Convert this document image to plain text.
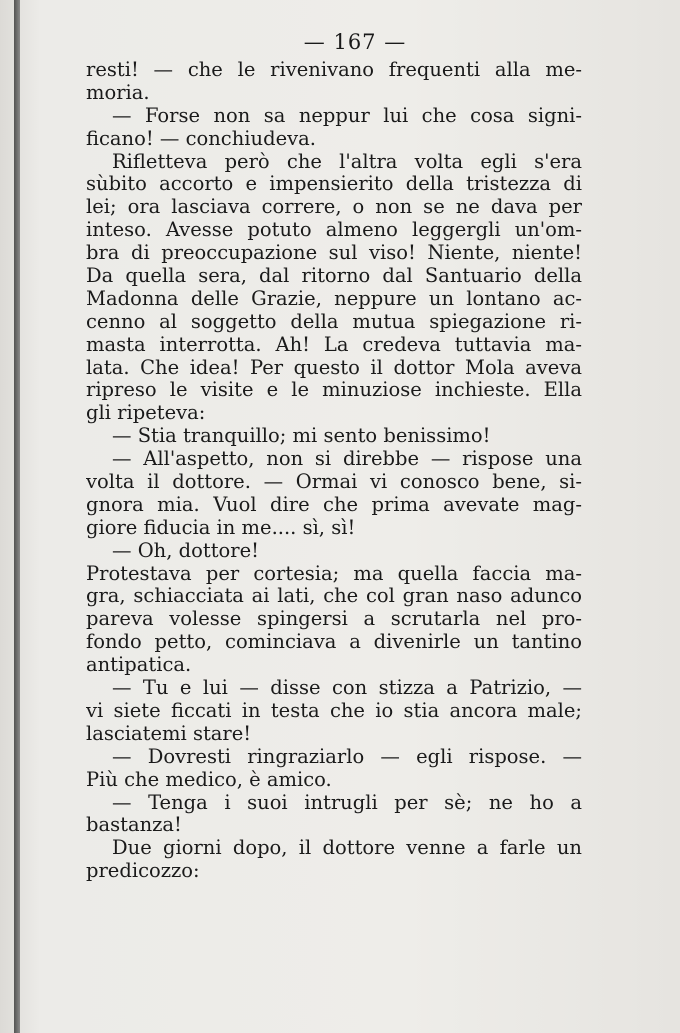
— 167 —
resti! — che le rivenivano frequenti alla me-
moria.
— Forse non sa neppur lui che cosa signi-
ficano! — conchiudeva.
Rifletteva però che l'altra volta egli s'era
sùbito accorto e impensierito della tristezza di
lei; ora lasciava correre, o non se ne dava per
inteso. Avesse potuto almeno leggergli un'om-
bra di preoccupazione sul viso! Niente, niente!
Da quella sera, dal ritorno dal Santuario della
Madonna delle Grazie, neppure un lontano ac-
cenno al soggetto della mutua spiegazione ri-
masta interrotta. Ah! La credeva tuttavia ma-
lata. Che idea! Per questo il dottor Mola aveva
ripreso le visite e le minuziose inchieste. Ella
gli ripeteva:
— Stia tranquillo; mi sento benissimo!
— All'aspetto, non si direbbe — rispose una
volta il dottore. — Ormai vi conosco bene, si-
gnora mia. Vuol dire che prima avevate mag-
giore fiducia in me.... sì, sì!
— Oh, dottore!
Protestava per cortesia; ma quella faccia ma-
gra, schiacciata ai lati, che col gran naso adunco
pareva volesse spingersi a scrutarla nel pro-
fondo petto, cominciava a divenirle un tantino
antipatica.
— Tu e lui — disse con stizza a Patrizio, —
vi siete ficcati in testa che io stia ancora male;
lasciatemi stare!
— Dovresti ringraziarlo — egli rispose. —
Più che medico, è amico.
— Tenga i suoi intrugli per sè; ne ho a
bastanza!
Due giorni dopo, il dottore venne a farle un
predicozzo:
